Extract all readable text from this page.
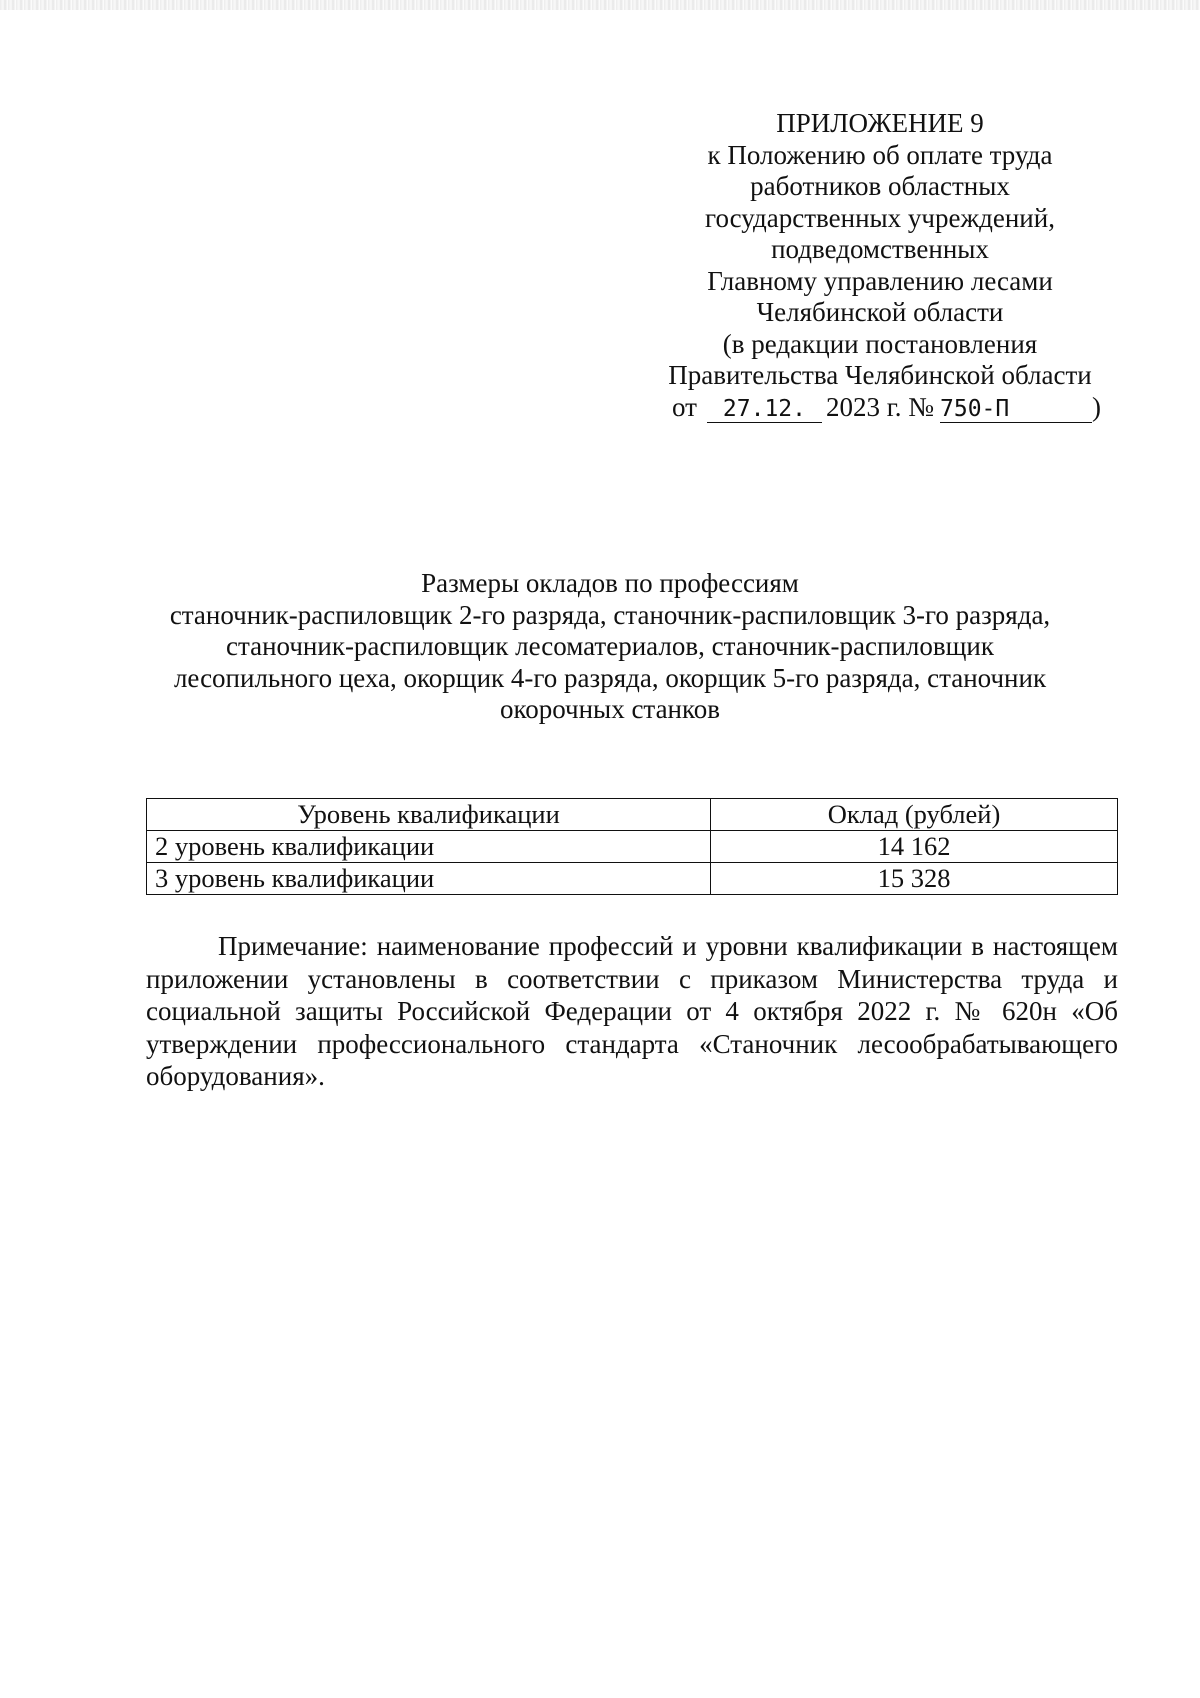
ПРИЛОЖЕНИЕ 9
к Положению об оплате труда
работников областных
государственных учреждений,
подведомственных
Главному управлению лесами
Челябинской области
(в редакции постановления
Правительства Челябинской области
от 27.12. 2023 г. № 750-П	)
Размеры окладов по профессиям
станочник-распиловщик 2-го разряда, станочник-распиловщик 3-го разряда,
станочник-распиловщик лесоматериалов, станочник-распиловщик
лесопильного цеха, окорщик 4-го разряда, окорщик 5-го разряда, станочник
окорочных станков
Уровень квалификации	Оклад (рублей)
2 уровень квалификации	14 162
3 уровень квалификации	15 328

Примечание: наименование профессий и уровни квалификации в настоящем приложении установлены в соответствии с приказом Министерства труда и социальной защиты Российской Федерации от 4 октября 2022 г. № 620н «Об утверждении профессионального стандарта «Станочник лесообрабатывающего оборудования».
